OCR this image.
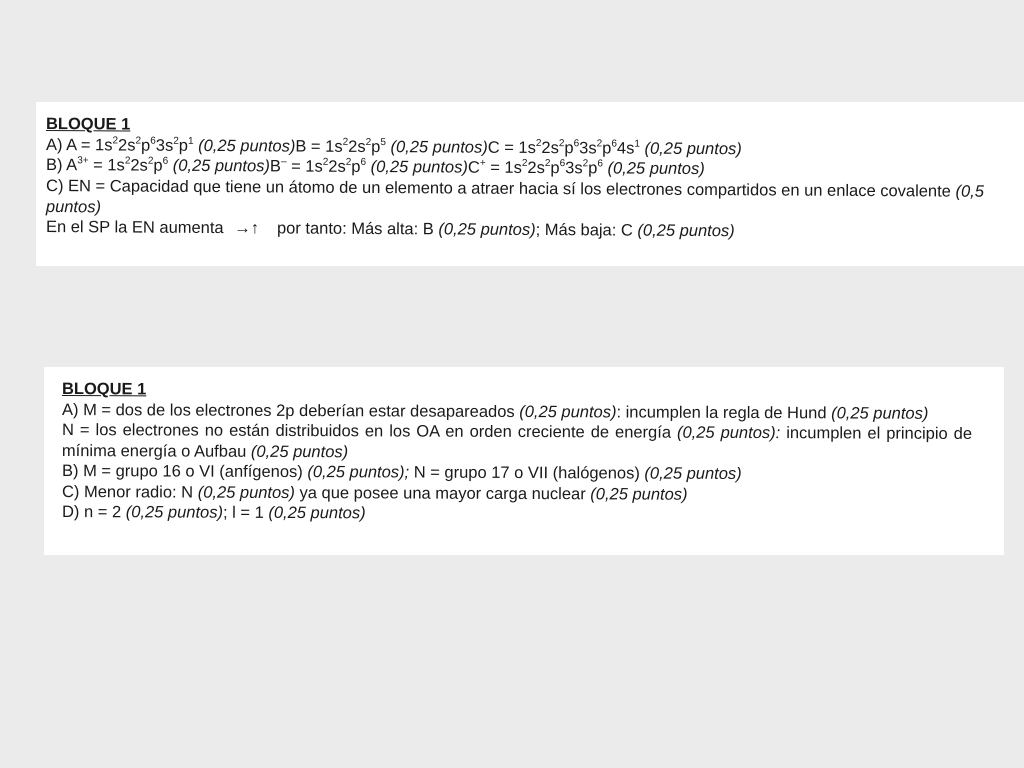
BLOQUE 1
A) $A = 1s^22s^2p^63s^2p^1$ (0,25 puntos)B = $1s^22s^2p^5$ (0,25 puntos)C = $1s^22s^2p^63s^2p^64s^1$ (0,25 puntos)
B) $A^{3+} = 1s^22s^2p^6$ (0,25 puntos)B– = $1s^22s^2p^6$ (0,25 puntos)C+ = $1s^22s^2p^63s^2p^6$ (0,25 puntos)
C) EN = Capacidad que tiene un átomo de un elemento a atraer hacia sí los electrones compartidos en un enlace covalente (0,5 puntos)
En el SP la EN aumenta →↑ por tanto: Más alta: B (0,25 puntos); Más baja: C (0,25 puntos)
BLOQUE 1
A) M = dos de los electrones 2p deberían estar desapareados (0,25 puntos): incumplen la regla de Hund (0,25 puntos)
N = los electrones no están distribuidos en los OA en orden creciente de energía (0,25 puntos): incumplen el principio de mínima energía o Aufbau (0,25 puntos)
B) M = grupo 16 o VI (anfígenos) (0,25 puntos); N = grupo 17 o VII (halógenos) (0,25 puntos)
C) Menor radio: N (0,25 puntos) ya que posee una mayor carga nuclear (0,25 puntos)
D) n = 2 (0,25 puntos); l = 1 (0,25 puntos)
